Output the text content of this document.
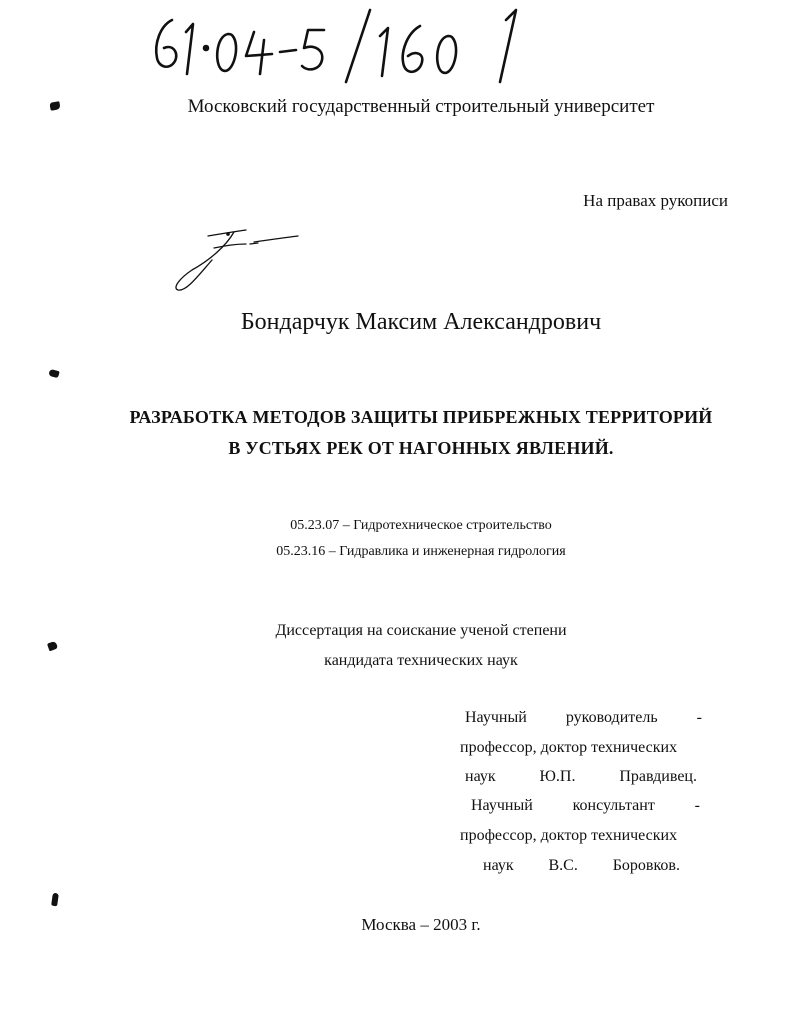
Московский государственный строительный университет
На правах рукописи
Бондарчук Максим Александрович
РАЗРАБОТКА МЕТОДОВ ЗАЩИТЫ ПРИБРЕЖНЫХ ТЕРРИТОРИЙ
В УСТЬЯХ РЕК ОТ НАГОННЫХ ЯВЛЕНИЙ.
05.23.07 – Гидротехническое строительство
05.23.16 – Гидравлика и инженерная гидрология
Диссертация на соискание ученой степени
кандидата технических наук
Научный руководитель -
профессор, доктор технических
наук	Ю.П.	Правдивец.
Научный консультант -
профессор, доктор технических
наук В.С. Боровков.
Москва – 2003 г.
